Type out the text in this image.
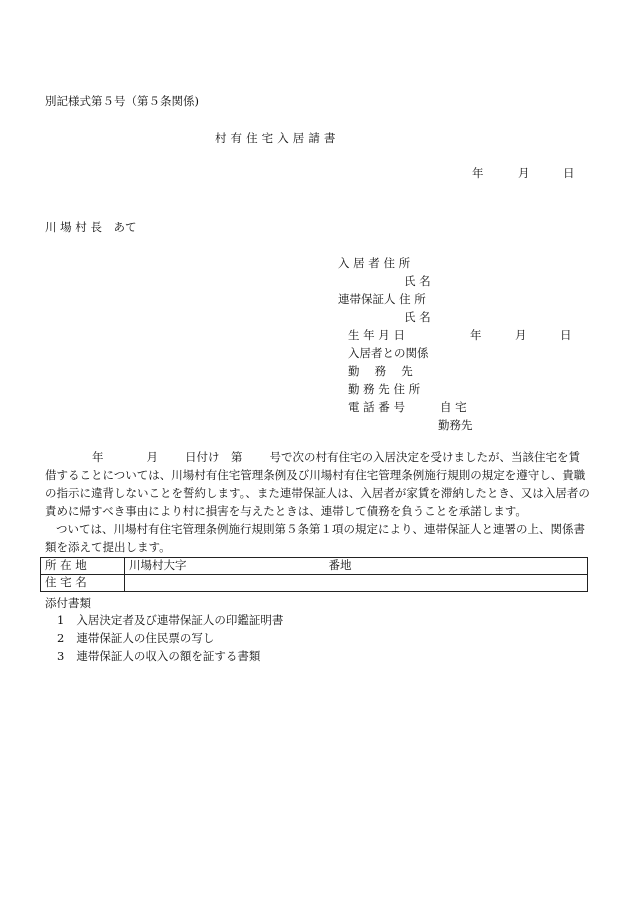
別記様式第５号（第５条関係)
村 有 住 宅 入 居 請 書
年	月	日
川 場 村 長　あて
入 居 者 住 所
氏 名
連帯保証人 住 所
氏 名
生 年 月 日	年	月	日
入居者との関係
勤　 務 　先
勤 務 先 住 所
電 話 番 号	自 宅
勤務先
年	月 日付け　第 号で次の村有住宅の入居決定を受けましたが、当該住宅を賃
借することについては、川場村有住宅管理条例及び川場村有住宅管理条例施行規則の規定を遵守し、貴職
の指示に違背しないことを誓約します。、また連帯保証人は、入居者が家賃を滞納したとき、又は入居者の
責めに帰すべき事由により村に損害を与えたときは、連帯して債務を負うことを承諾します。
ついては、川場村有住宅管理条例施行規則第５条第１項の規定により、連帯保証人と連署の上、関係書
類を添えて提出します。
所 在 地	川場村大字 番地
住 宅 名	
添付書類
1 入居決定者及び連帯保証人の印鑑証明書
2 連帯保証人の住民票の写し
3 連帯保証人の収入の額を証する書類
